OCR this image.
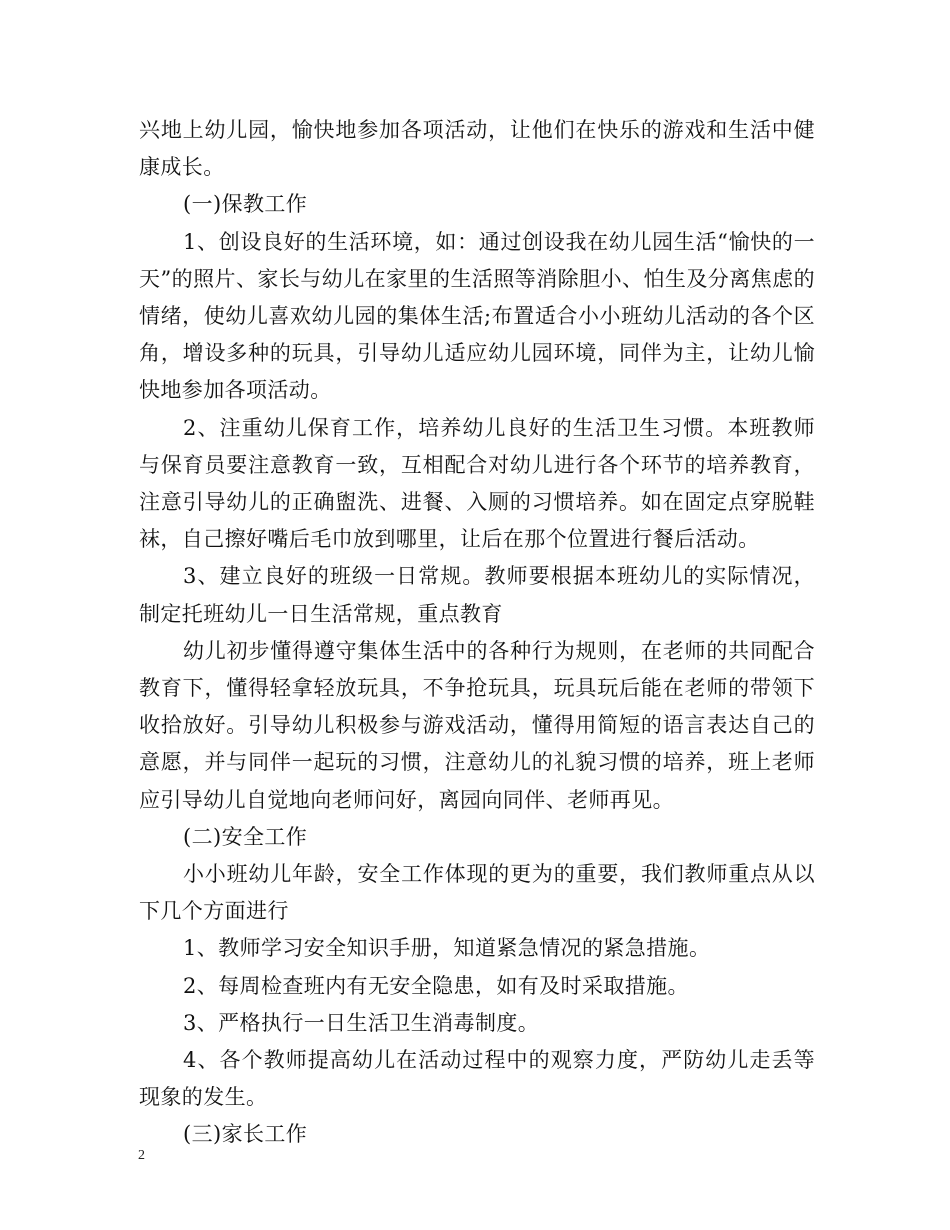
兴地上幼儿园，愉快地参加各项活动，让他们在快乐的游戏和生活中健康成长。

(一)保教工作

1、创设良好的生活环境，如：通过创设我在幼儿园生活“愉快的一天”的照片、家长与幼儿在家里的生活照等消除胆小、怕生及分离焦虑的情绪，使幼儿喜欢幼儿园的集体生活;布置适合小小班幼儿活动的各个区角，增设多种的玩具，引导幼儿适应幼儿园环境，同伴为主，让幼儿愉快地参加各项活动。

2、注重幼儿保育工作，培养幼儿良好的生活卫生习惯。本班教师与保育员要注意教育一致，互相配合对幼儿进行各个环节的培养教育，注意引导幼儿的正确盥洗、进餐、入厕的习惯培养。如在固定点穿脱鞋袜，自己擦好嘴后毛巾放到哪里，让后在那个位置进行餐后活动。

3、建立良好的班级一日常规。教师要根据本班幼儿的实际情况，制定托班幼儿一日生活常规，重点教育

幼儿初步懂得遵守集体生活中的各种行为规则，在老师的共同配合教育下，懂得轻拿轻放玩具，不争抢玩具，玩具玩后能在老师的带领下收拾放好。引导幼儿积极参与游戏活动，懂得用简短的语言表达自己的意愿，并与同伴一起玩的习惯，注意幼儿的礼貌习惯的培养，班上老师应引导幼儿自觉地向老师问好，离园向同伴、老师再见。

(二)安全工作

小小班幼儿年龄，安全工作体现的更为的重要，我们教师重点从以下几个方面进行

1、教师学习安全知识手册，知道紧急情况的紧急措施。

2、每周检查班内有无安全隐患，如有及时采取措施。

3、严格执行一日生活卫生消毒制度。

4、各个教师提高幼儿在活动过程中的观察力度，严防幼儿走丢等现象的发生。

(三)家长工作

2
